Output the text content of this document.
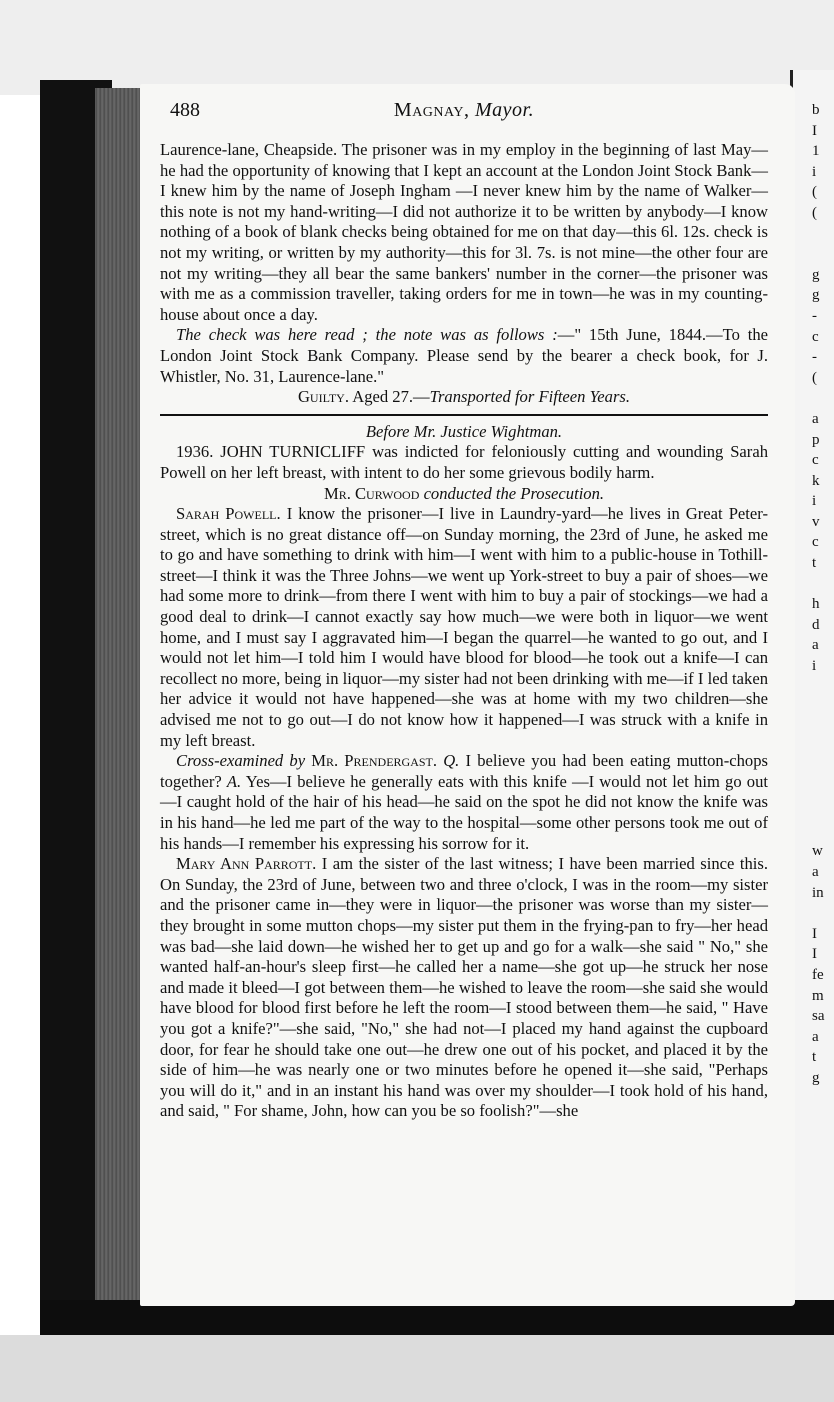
488	Magnay, Mayor.

Laurence-lane, Cheapside. The prisoner was in my employ in the beginning of last May—he had the opportunity of knowing that I kept an account at the London Joint Stock Bank—I knew him by the name of Joseph Ingham —I never knew him by the name of Walker—this note is not my hand-writing—I did not authorize it to be written by anybody—I know nothing of a book of blank checks being obtained for me on that day—this 6l. 12s. check is not my writing, or written by my authority—this for 3l. 7s. is not mine—the other four are not my writing—they all bear the same bankers' number in the corner—the prisoner was with me as a commission traveller, taking orders for me in town—he was in my counting-house about once a day.

The check was here read ; the note was as follows :—" 15th June, 1844.—To the London Joint Stock Bank Company. Please send by the bearer a check book, for J. Whistler, No. 31, Laurence-lane."

Guilty. Aged 27.—Transported for Fifteen Years.

Before Mr. Justice Wightman.

1936. JOHN TURNICLIFF was indicted for feloniously cutting and wounding Sarah Powell on her left breast, with intent to do her some grievous bodily harm.

Mr. Curwood conducted the Prosecution.

Sarah Powell. I know the prisoner—I live in Laundry-yard—he lives in Great Peter-street, which is no great distance off—on Sunday morning, the 23rd of June, he asked me to go and have something to drink with him—I went with him to a public-house in Tothill-street—I think it was the Three Johns—we went up York-street to buy a pair of shoes—we had some more to drink—from there I went with him to buy a pair of stockings—we had a good deal to drink—I cannot exactly say how much—we were both in liquor—we went home, and I must say I aggravated him—I began the quarrel—he wanted to go out, and I would not let him—I told him I would have blood for blood—he took out a knife—I can recollect no more, being in liquor—my sister had not been drinking with me—if I led taken her advice it would not have happened—she was at home with my two children—she advised me not to go out—I do not know how it happened—I was struck with a knife in my left breast.

Cross-examined by Mr. Prendergast. Q. I believe you had been eating mutton-chops together? A. Yes—I believe he generally eats with this knife —I would not let him go out—I caught hold of the hair of his head—he said on the spot he did not know the knife was in his hand—he led me part of the way to the hospital—some other persons took me out of his hands—I remember his expressing his sorrow for it.

Mary Ann Parrott. I am the sister of the last witness; I have been married since this. On Sunday, the 23rd of June, between two and three o'clock, I was in the room—my sister and the prisoner came in—they were in liquor—the prisoner was worse than my sister—they brought in some mutton chops—my sister put them in the frying-pan to fry—her head was bad—she laid down—he wished her to get up and go for a walk—she said " No," she wanted half-an-hour's sleep first—he called her a name—she got up—he struck her nose and made it bleed—I got between them—he wished to leave the room—she said she would have blood for blood first before he left the room—I stood between them—he said, " Have you got a knife?"—she said, "No," she had not—I placed my hand against the cupboard door, for fear he should take one out—he drew one out of his pocket, and placed it by the side of him—he was nearly one or two minutes before he opened it—she said, "Perhaps you will do it," and in an instant his hand was over my shoulder—I took hold of his hand, and said, " For shame, John, how can you be so foolish?"—she

b
I
1
i
(
(

g
g
-
c
-
(

a
p
c
k
i
v
c
t

h
d
a
i

w
a
in

I
I
fe
m
sa
a
t
g
